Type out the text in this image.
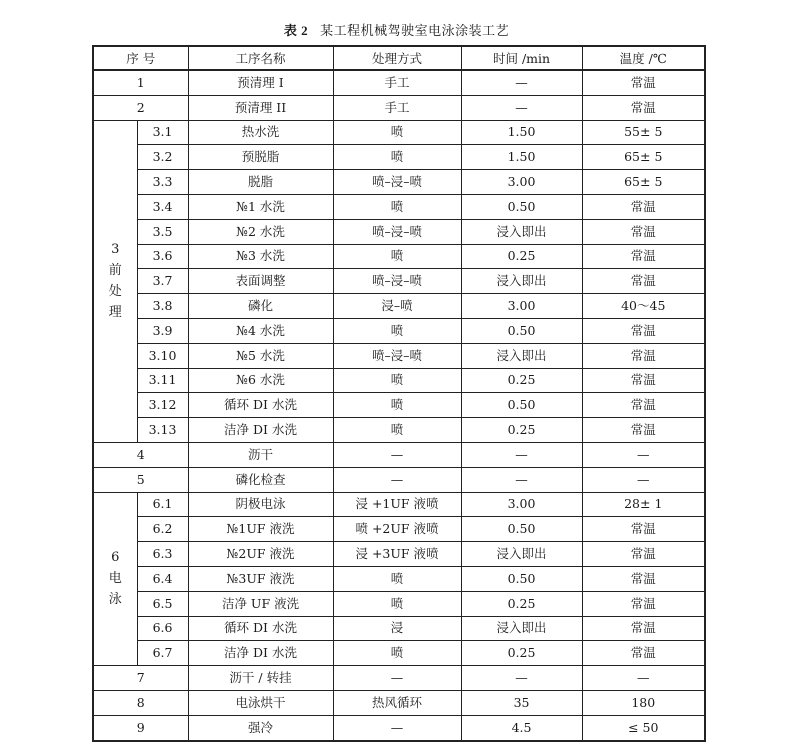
表 2 某工程机械驾驶室电泳涂装工艺
序 号		工序名称	处理方式	时间 /min	温度 /℃
1		预清理 I	手工	—	常温
2		预清理 II	手工	—	常温

3
前
处
理	3.1	热水洗	喷	1.50	55± 5
	3.2	预脱脂	喷	1.50	65± 5
	3.3	脱脂	喷–浸–喷	3.00	65± 5
	3.4	№1 水洗	喷	0.50	常温
	3.5	№2 水洗	喷–浸–喷	浸入即出	常温
	3.6	№3 水洗	喷	0.25	常温
	3.7	表面调整	喷–浸–喷	浸入即出	常温
	3.8	磷化	浸–喷	3.00	40～45
	3.9	№4 水洗	喷	0.50	常温
	3.10	№5 水洗	喷–浸–喷	浸入即出	常温
	3.11	№6 水洗	喷	0.25	常温
	3.12	循环 DI 水洗	喷	0.50	常温
	3.13	洁净 DI 水洗	喷	0.25	常温
4		沥干	—	—	—
5		磷化检查	—	—	—

6
电
泳	6.1	阴极电泳	浸 +1UF 液喷	3.00	28± 1
	6.2	№1UF 液洗	喷 +2UF 液喷	0.50	常温
	6.3	№2UF 液洗	浸 +3UF 液喷	浸入即出	常温
	6.4	№3UF 液洗	喷	0.50	常温
	6.5	洁净 UF 液洗	喷	0.25	常温
	6.6	循环 DI 水洗	浸	浸入即出	常温
	6.7	洁净 DI 水洗	喷	0.25	常温
7		沥干 / 转挂	—	—	—
8		电泳烘干	热风循环	35	180
9		强冷	—	4.5	≤ 50
